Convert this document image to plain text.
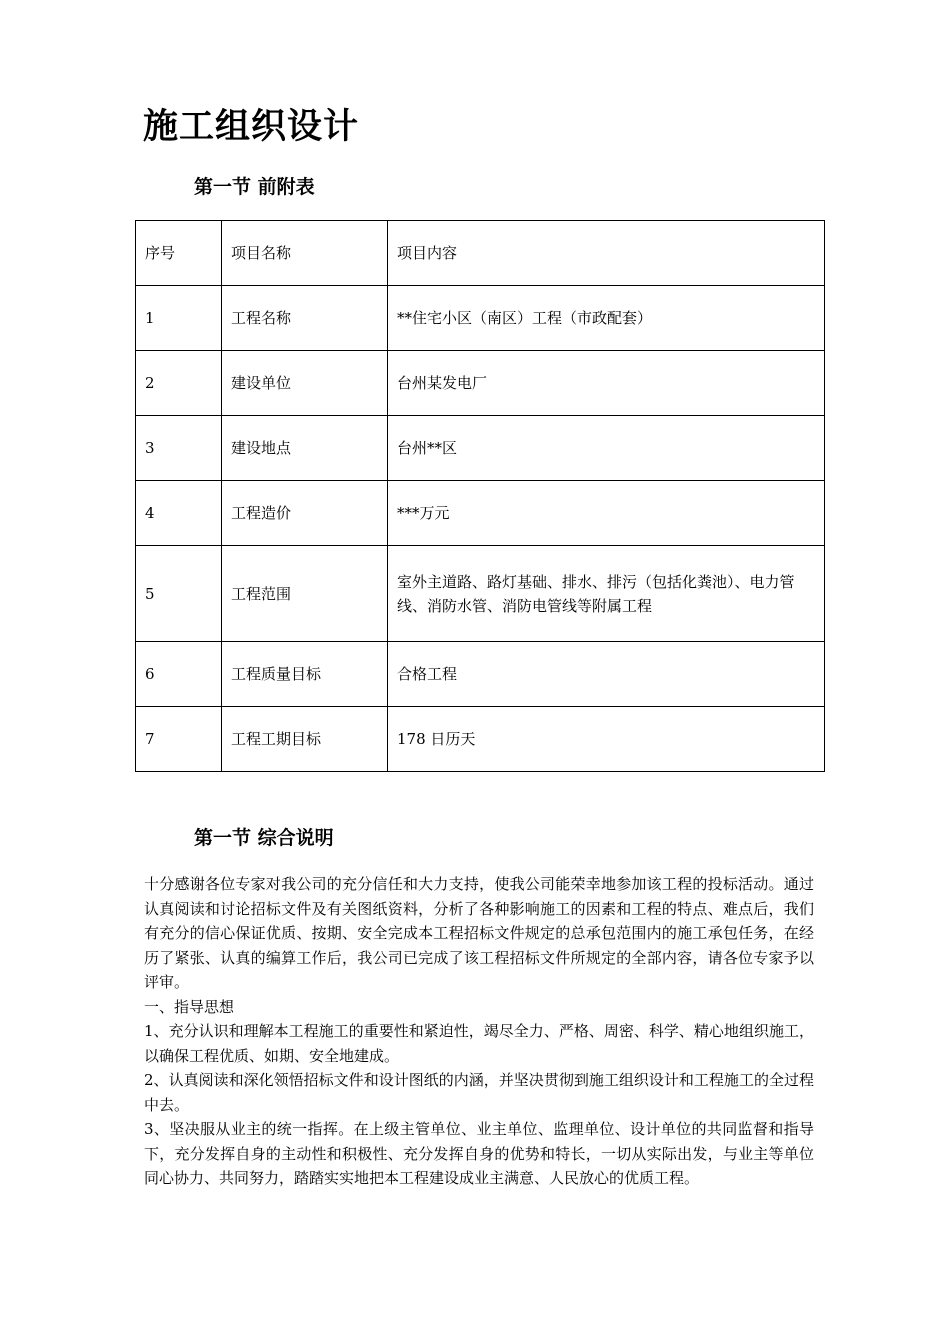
施工组织设计
第一节 前附表
序号	项目名称	项目内容
1	工程名称	**住宅小区（南区）工程（市政配套）
2	建设单位	台州某发电厂
3	建设地点	台州**区
4	工程造价	***万元
5	工程范围	室外主道路、路灯基础、排水、排污（包括化粪池）、电力管线、消防水管、消防电管线等附属工程
6	工程质量目标	合格工程
7	工程工期目标	178 日历天
第一节 综合说明

十分感谢各位专家对我公司的充分信任和大力支持，使我公司能荣幸地参加该工程的投标活动。通过认真阅读和讨论招标文件及有关图纸资料，分析了各种影响施工的因素和工程的特点、难点后，我们有充分的信心保证优质、按期、安全完成本工程招标文件规定的总承包范围内的施工承包任务，在经历了紧张、认真的编算工作后，我公司已完成了该工程招标文件所规定的全部内容，请各位专家予以评审。

一、指导思想

1、充分认识和理解本工程施工的重要性和紧迫性，竭尽全力、严格、周密、科学、精心地组织施工，以确保工程优质、如期、安全地建成。

2、认真阅读和深化领悟招标文件和设计图纸的内涵，并坚决贯彻到施工组织设计和工程施工的全过程中去。

3、坚决服从业主的统一指挥。在上级主管单位、业主单位、监理单位、设计单位的共同监督和指导下，充分发挥自身的主动性和积极性、充分发挥自身的优势和特长，一切从实际出发，与业主等单位同心协力、共同努力，踏踏实实地把本工程建设成业主满意、人民放心的优质工程。
